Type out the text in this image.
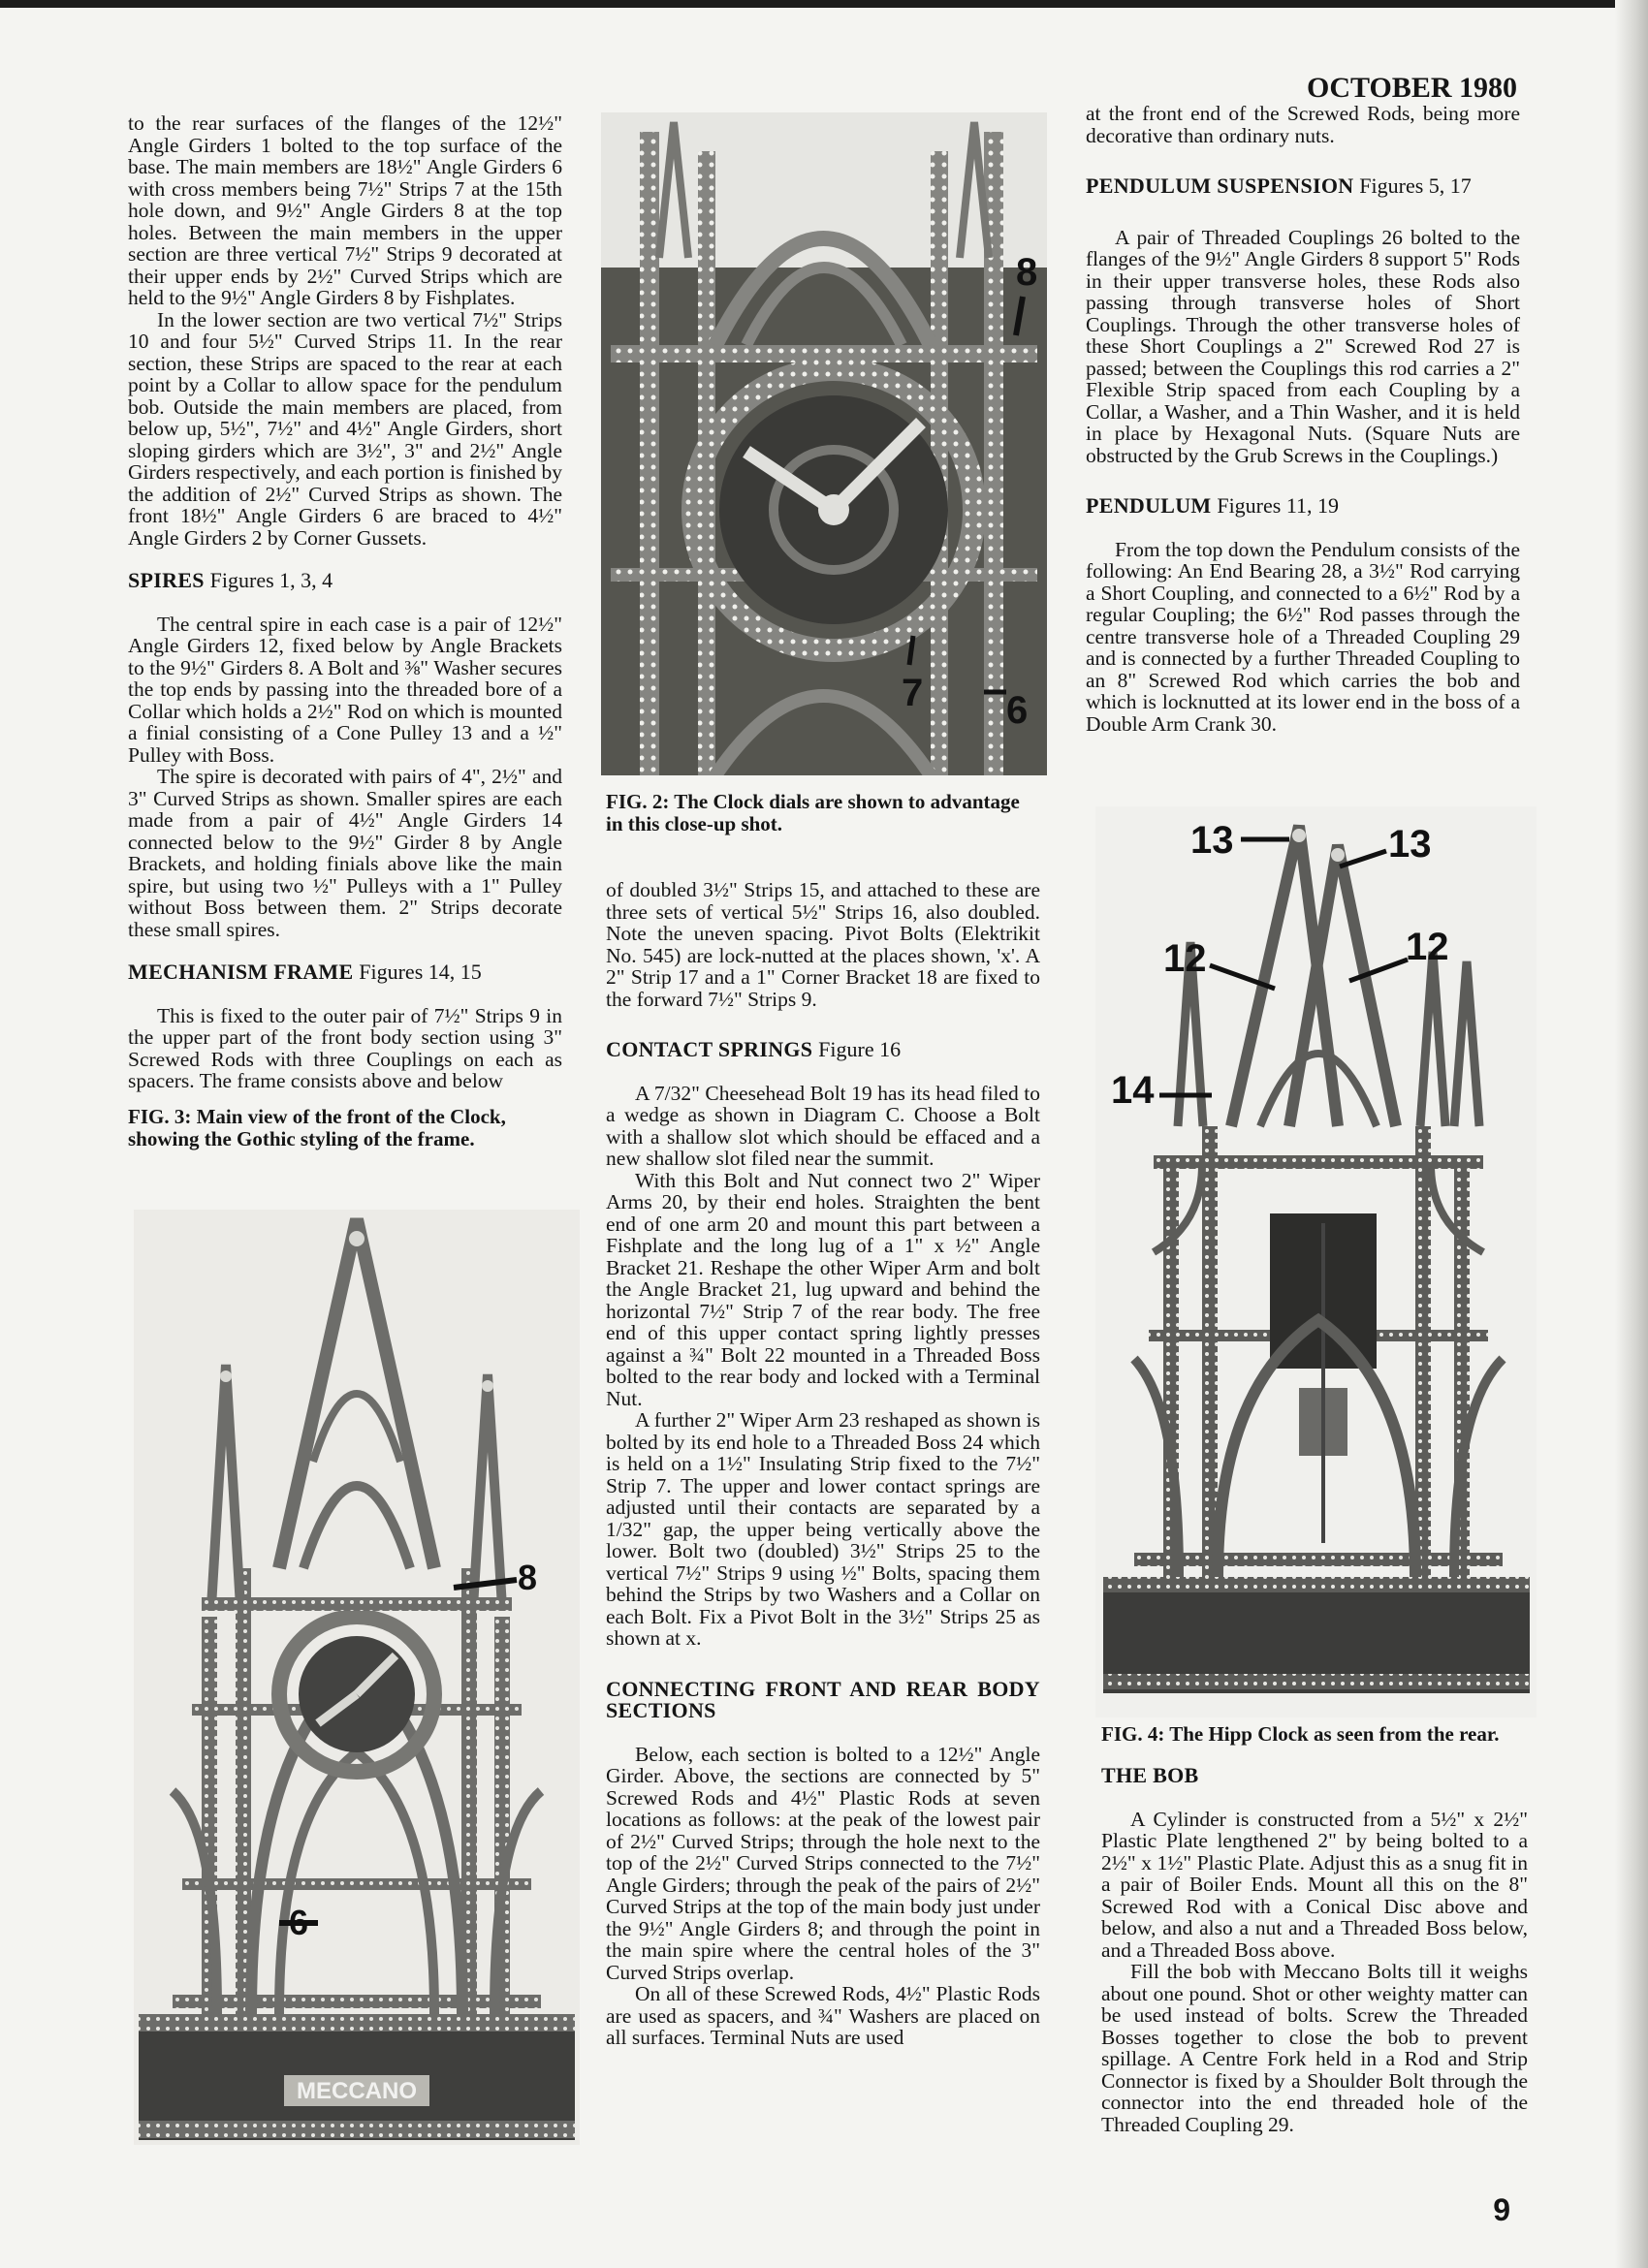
OCTOBER 1980

to the rear surfaces of the flanges of the 12½" Angle Girders 1 bolted to the top surface of the base. The main members are 18½" Angle Girders 6 with cross members being 7½" Strips 7 at the 15th hole down, and 9½" Angle Girders 8 at the top holes. Between the main members in the upper section are three vertical 7½" Strips 9 decorated at their upper ends by 2½" Curved Strips which are held to the 9½" Angle Girders 8 by Fishplates.

In the lower section are two vertical 7½" Strips 10 and four 5½" Curved Strips 11. In the rear section, these Strips are spaced to the rear at each point by a Collar to allow space for the pendulum bob. Outside the main members are placed, from below up, 5½", 7½" and 4½" Angle Girders, short sloping girders which are 3½", 3" and 2½" Angle Girders respectively, and each portion is finished by the addition of 2½" Curved Strips as shown. The front 18½" Angle Girders 6 are braced to 4½" Angle Girders 2 by Corner Gussets.

SPIRES Figures 1, 3, 4

The central spire in each case is a pair of 12½" Angle Girders 12, fixed below by Angle Brackets to the 9½" Girders 8. A Bolt and ⅜" Washer secures the top ends by passing into the threaded bore of a Collar which holds a 2½" Rod on which is mounted a finial consisting of a Cone Pulley 13 and a ½" Pulley with Boss.

The spire is decorated with pairs of 4", 2½" and 3" Curved Strips as shown. Smaller spires are each made from a pair of 4½" Angle Girders 14 connected below to the 9½" Girder 8 by Angle Brackets, and holding finials above like the main spire, but using two ½" Pulleys with a 1" Pulley without Boss between them. 2" Strips decorate these small spires.

MECHANISM FRAME Figures 14, 15

This is fixed to the outer pair of 7½" Strips 9 in the upper part of the front body section using 3" Screwed Rods with three Couplings on each as spacers. The frame consists above and below

FIG. 3: Main view of the front of the Clock, showing the Gothic styling of the frame.
MECCANO
8
6
8
7 6
FIG. 2: The Clock dials are shown to advantage in this close-up shot.

of doubled 3½" Strips 15, and attached to these are three sets of vertical 5½" Strips 16, also doubled. Note the uneven spacing. Pivot Bolts (Elektrikit No. 545) are lock-nutted at the places shown, 'x'. A 2" Strip 17 and a 1" Corner Bracket 18 are fixed to the forward 7½" Strips 9.

CONTACT SPRINGS Figure 16

A 7/32" Cheesehead Bolt 19 has its head filed to a wedge as shown in Diagram C. Choose a Bolt with a shallow slot which should be effaced and a new shallow slot filed near the summit.

With this Bolt and Nut connect two 2" Wiper Arms 20, by their end holes. Straighten the bent end of one arm 20 and mount this part between a Fishplate and the long lug of a 1" x ½" Angle Bracket 21. Reshape the other Wiper Arm and bolt the Angle Bracket 21, lug upward and behind the horizontal 7½" Strip 7 of the rear body. The free end of this upper contact spring lightly presses against a ¾" Bolt 22 mounted in a Threaded Boss bolted to the rear body and locked with a Terminal Nut.

A further 2" Wiper Arm 23 reshaped as shown is bolted by its end hole to a Threaded Boss 24 which is held on a 1½" Insulating Strip fixed to the 7½" Strip 7. The upper and lower contact springs are adjusted until their contacts are separated by a 1/32" gap, the upper being vertically above the lower. Bolt two (doubled) 3½" Strips 25 to the vertical 7½" Strips 9 using ½" Bolts, spacing them behind the Strips by two Washers and a Collar on each Bolt. Fix a Pivot Bolt in the 3½" Strips 25 as shown at x.

CONNECTING FRONT AND REAR BODY SECTIONS

Below, each section is bolted to a 12½" Angle Girder. Above, the sections are connected by 5" Screwed Rods and 4½" Plastic Rods at seven locations as follows: at the peak of the lowest pair of 2½" Curved Strips; through the hole next to the top of the 2½" Curved Strips connected to the 7½" Angle Girders; through the peak of the pairs of 2½" Curved Strips at the top of the main body just under the 9½" Angle Girders 8; and through the point in the main spire where the central holes of the 3" Curved Strips overlap.

On all of these Screwed Rods, 4½" Plastic Rods are used as spacers, and ¾" Washers are placed on all surfaces. Terminal Nuts are used

at the front end of the Screwed Rods, being more decorative than ordinary nuts.

PENDULUM SUSPENSION Figures 5, 17

A pair of Threaded Couplings 26 bolted to the flanges of the 9½" Angle Girders 8 support 5" Rods in their upper transverse holes, these Rods also passing through transverse holes of Short Couplings. Through the other transverse holes of these Short Couplings a 2" Screwed Rod 27 is passed; between the Couplings this rod carries a 2" Flexible Strip spaced from each Coupling by a Collar, a Washer, and a Thin Washer, and it is held in place by Hexagonal Nuts. (Square Nuts are obstructed by the Grub Screws in the Couplings.)

PENDULUM Figures 11, 19

From the top down the Pendulum consists of the following: An End Bearing 28, a 3½" Rod carrying a Short Coupling, and connected to a 6½" Rod by a regular Coupling; the 6½" Rod passes through the centre transverse hole of a Threaded Coupling 29 and is connected by a further Threaded Coupling to an 8" Screwed Rod which carries the bob and which is locknutted at its lower end in the boss of a Double Arm Crank 30.

13	13
12	12
14
FIG. 4: The Hipp Clock as seen from the rear.

THE BOB

A Cylinder is constructed from a 5½" x 2½" Plastic Plate lengthened 2" by being bolted to a 2½" x 1½" Plastic Plate. Adjust this as a snug fit in a pair of Boiler Ends. Mount all this on the 8" Screwed Rod with a Conical Disc above and below, and also a nut and a Threaded Boss below, and a Threaded Boss above.

Fill the bob with Meccano Bolts till it weighs about one pound. Shot or other weighty matter can be used instead of bolts. Screw the Threaded Bosses together to close the bob to prevent spillage. A Centre Fork held in a Rod and Strip Connector is fixed by a Shoulder Bolt through the connector into the end threaded hole of the Threaded Coupling 29.

9
